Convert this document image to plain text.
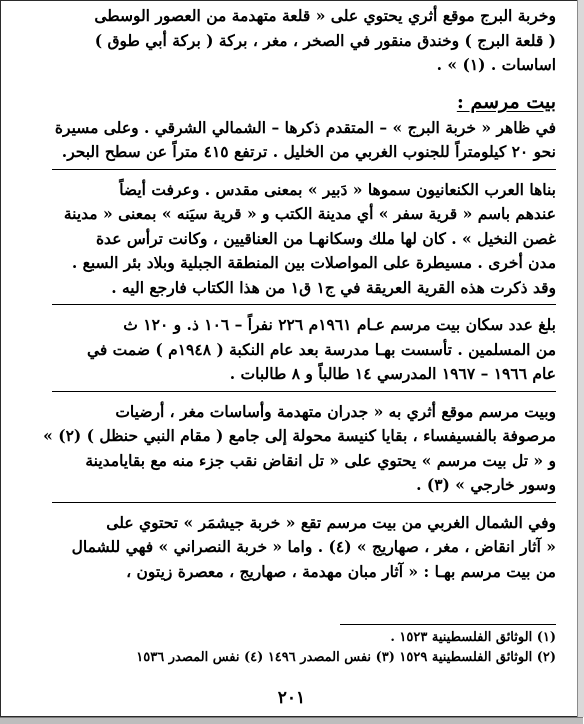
وخربة البرج موقع أثري يحتوي على « قلعة متهدمة من العصور الوسطى
( قلعة البرج ) وخندق منقور في الصخر ، مغر ، بركة ( بركة أبي طوق )
اساسات . (١) » .

بيت مرسم :

في ظاهر « خربة البرج » – المتقدم ذكرها – الشمالي الشرقي . وعلى مسيرة
نحو ٢٠ كيلومتراً للجنوب الغربي من الخليل . ترتفع ٤١٥ متراً عن سطح البحر.

بناها العرب الكنعانيون سموها « دَبير » بمعنى مقدس . وعرفت أيضاً
عندهم باسم « قرية سفر » أي مدينة الكتب و « قرية سيَنه » بمعنى « مدينة
غصن النخيل » . كان لها ملك وسكانهـا من العناقيين ، وكانت ترأس عدة
مدن أخرى . مسيطرة على المواصلات بين المنطقة الجبلية وبلاد بئر السبع .
وقد ذكرت هذه القرية العريقة في ج١ ق١ من هذا الكتاب فارجع اليه .

بلغ عدد سكان بيت مرسم عـام ١٩٦١م ٢٢٦ نفراً – ١٠٦ ذ. و ١٢٠ ث
من المسلمين . تأسست بهـا مدرسة بعد عام النكبة ( ١٩٤٨م ) ضمت في
عام ١٩٦٦ – ١٩٦٧ المدرسي ١٤ طالباً و ٨ طالبات .

وبيت مرسم موقع أثري به « جدران متهدمة وأساسات مغر ، أرضيات
مرصوفة بالفسيفساء ، بقايا كنيسة محولة إلى جامع ( مقام النبي حنظل ) (٢) »
و « تل بيت مرسم » يحتوي على « تل انقاض نقب جزء منه مع بقايامدينة
وسور خارجي » (٣) .

وفي الشمال الغربي من بيت مرسم تقع « خربة جيشمَر » تحتوي على
« آثار انقاض ، مغر ، صهاريج » (٤) . واما « خربة النصراني » فهي للشمال
من بيت مرسم بهـا : « آثار مبان مهدمة ، صهاريج ، معصرة زيتون ،

(١) الوثائق الفلسطينية ١٥٢٣ .
(٢) الوثائق الفلسطينية ١٥٢٩ (٣) نفس المصدر ١٤٩٦ (٤) نفس المصدر ١٥٣٦
٢٠١
